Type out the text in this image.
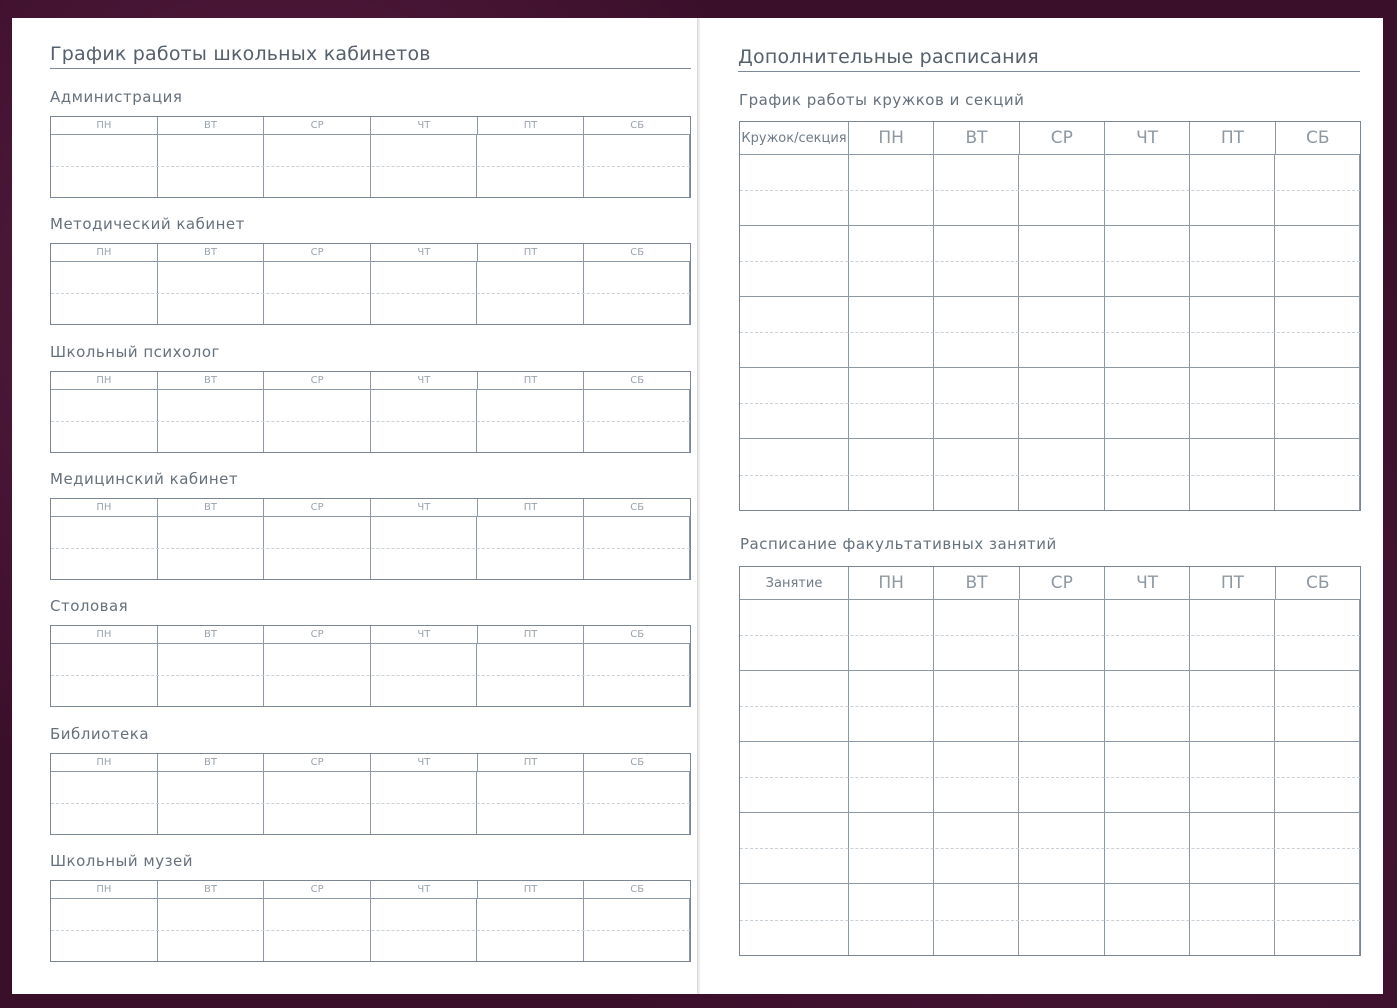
График работы школьных кабинетов
Администрация
ПН	ВТ	СР	ЧТ	ПТ	СБ
Методический кабинет
ПН	ВТ	СР	ЧТ	ПТ	СБ
Школьный психолог
ПН	ВТ	СР	ЧТ	ПТ	СБ
Медицинский кабинет
ПН	ВТ	СР	ЧТ	ПТ	СБ
Столовая
ПН	ВТ	СР	ЧТ	ПТ	СБ
Библиотека
ПН	ВТ	СР	ЧТ	ПТ	СБ
Школьный музей
ПН	ВТ	СР	ЧТ	ПТ	СБ
Дополнительные расписания
График работы кружков и секций
Кружок/секция	ПН	ВТ	СР	ЧТ	ПТ	СБ
Расписание факультативных занятий
Занятие	ПН	ВТ	СР	ЧТ	ПТ	СБ
